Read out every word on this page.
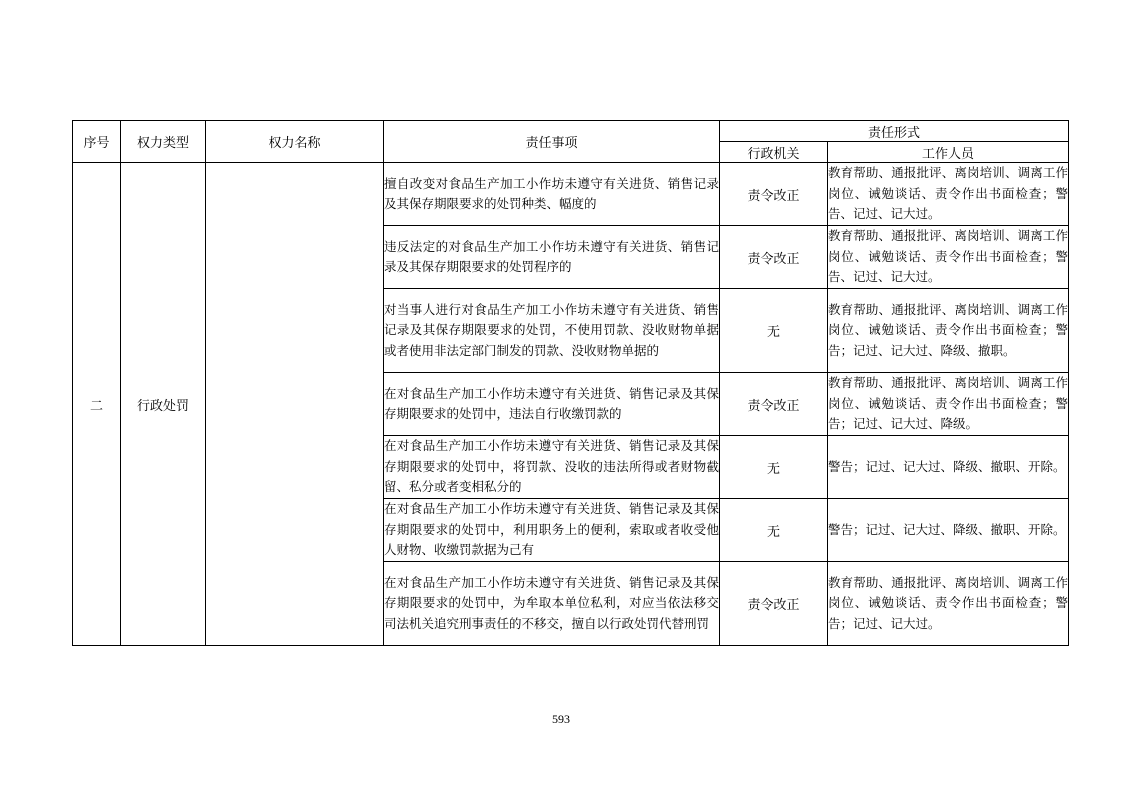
序号	权力类型	权力名称	责任事项	责任形式	
				行政机关	工作人员
二	行政处罚		擅自改变对食品生产加工小作坊未遵守有关进货、销售记录及其保存期限要求的处罚种类、幅度的	责令改正	教育帮助、通报批评、离岗培训、调离工作岗位、诫勉谈话、责令作出书面检查；警告、记过、记大过。
			违反法定的对食品生产加工小作坊未遵守有关进货、销售记录及其保存期限要求的处罚程序的	责令改正	教育帮助、通报批评、离岗培训、调离工作岗位、诫勉谈话、责令作出书面检查；警告、记过、记大过。
			对当事人进行对食品生产加工小作坊未遵守有关进货、销售记录及其保存期限要求的处罚，不使用罚款、没收财物单据或者使用非法定部门制发的罚款、没收财物单据的	无	教育帮助、通报批评、离岗培训、调离工作岗位、诫勉谈话、责令作出书面检查；警告；记过、记大过、降级、撤职。
			在对食品生产加工小作坊未遵守有关进货、销售记录及其保存期限要求的处罚中，违法自行收缴罚款的	责令改正	教育帮助、通报批评、离岗培训、调离工作岗位、诫勉谈话、责令作出书面检查；警告；记过、记大过、降级。
			在对食品生产加工小作坊未遵守有关进货、销售记录及其保存期限要求的处罚中，将罚款、没收的违法所得或者财物截留、私分或者变相私分的	无	警告；记过、记大过、降级、撤职、开除。
			在对食品生产加工小作坊未遵守有关进货、销售记录及其保存期限要求的处罚中，利用职务上的便利，索取或者收受他人财物、收缴罚款据为己有	无	警告；记过、记大过、降级、撤职、开除。
			在对食品生产加工小作坊未遵守有关进货、销售记录及其保存期限要求的处罚中，为牟取本单位私利，对应当依法移交司法机关追究刑事责任的不移交，擅自以行政处罚代替刑罚	责令改正	教育帮助、通报批评、离岗培训、调离工作岗位、诫勉谈话、责令作出书面检查；警告；记过、记大过。
593
